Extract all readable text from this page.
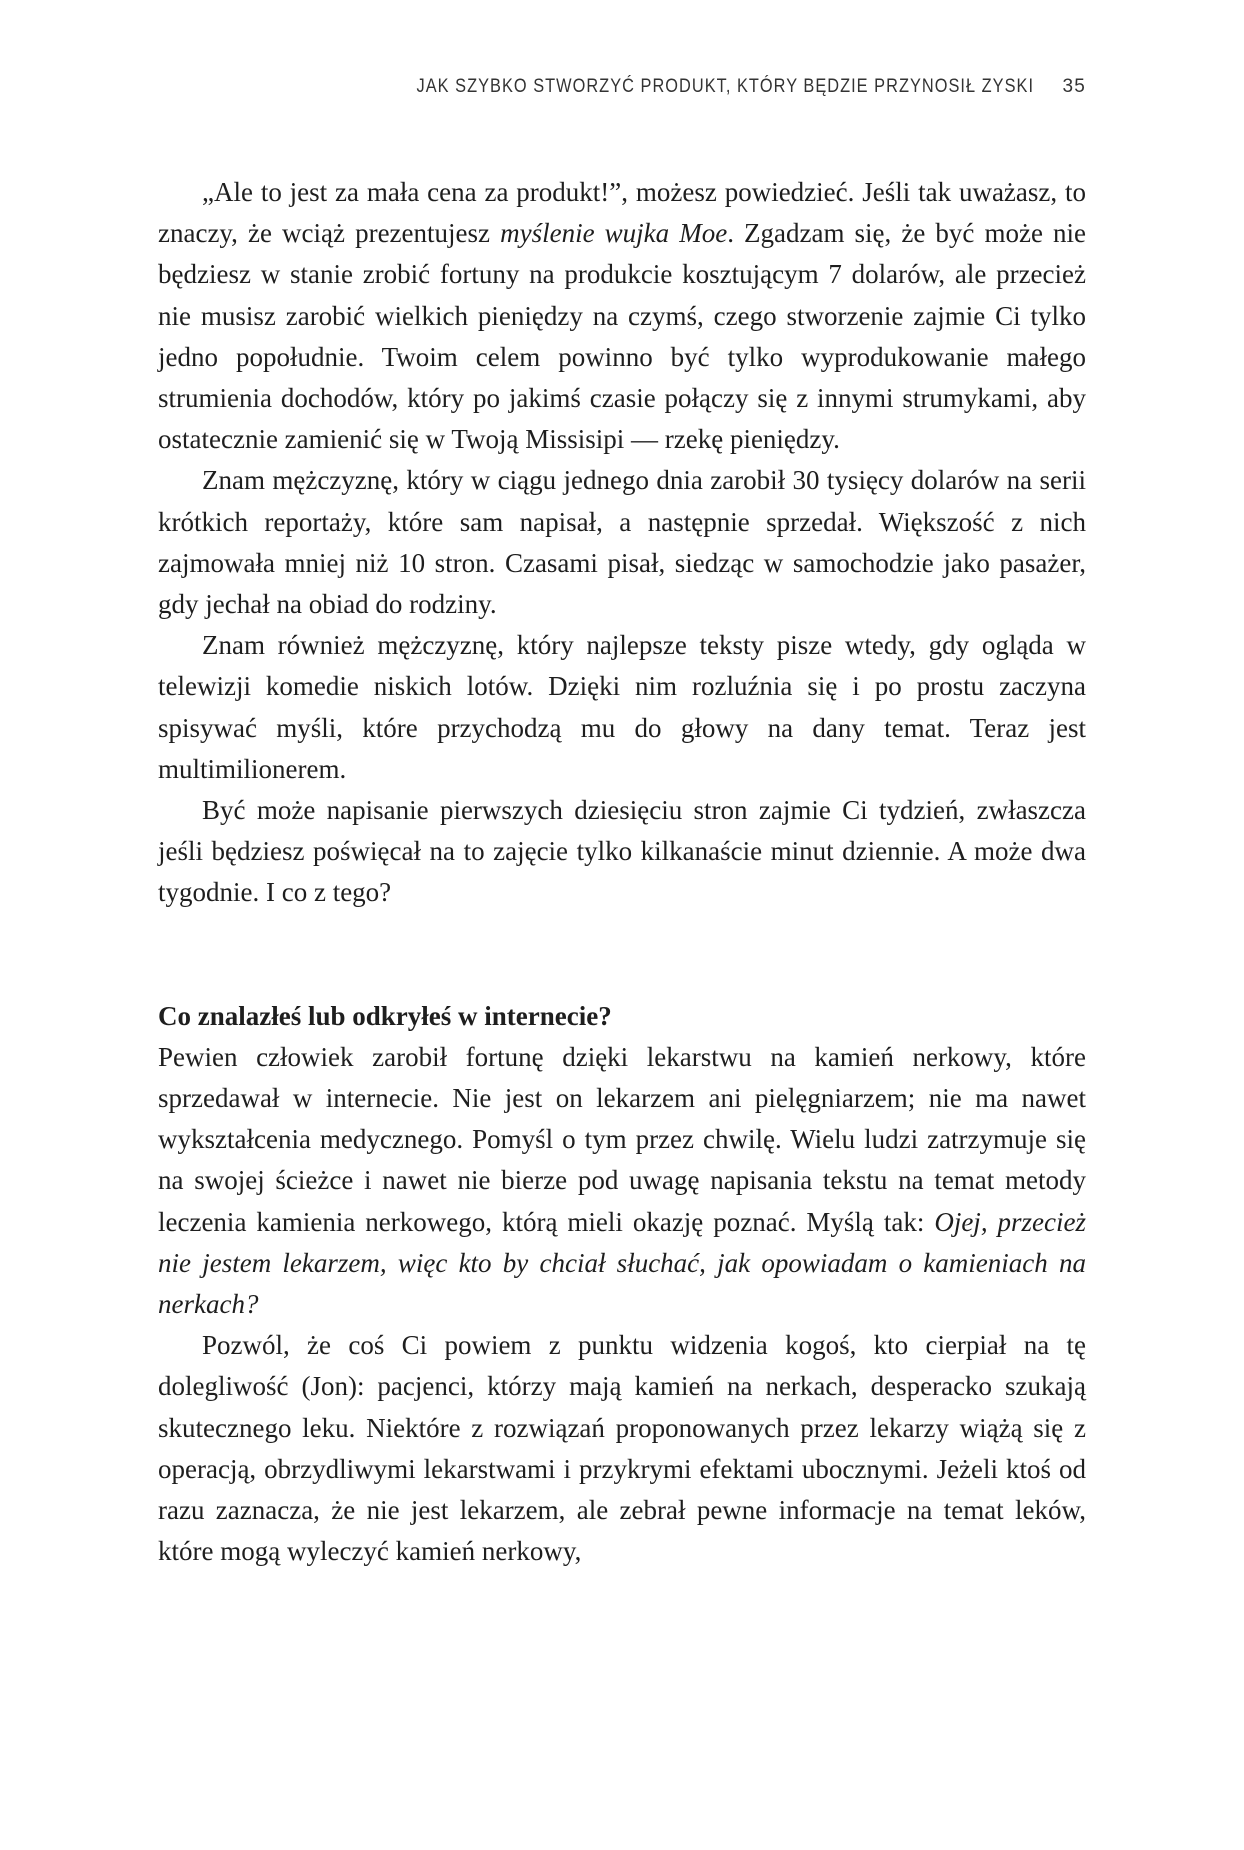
JAK SZYBKO STWORZYĆ PRODUKT, KTÓRY BĘDZIE PRZYNOSIŁ ZYSKI 35

„Ale to jest za mała cena za produkt!”, możesz powiedzieć. Jeśli tak uważasz, to znaczy, że wciąż prezentujesz myślenie wujka Moe. Zgadzam się, że być może nie będziesz w stanie zrobić fortuny na produkcie kosztującym 7 dolarów, ale przecież nie musisz zarobić wielkich pieniędzy na czymś, czego stworzenie zajmie Ci tylko jedno popołudnie. Twoim celem powinno być tylko wyprodukowanie małego strumienia dochodów, który po jakimś czasie połączy się z innymi strumykami, aby ostatecznie zamienić się w Twoją Missisipi — rzekę pieniędzy.

Znam mężczyznę, który w ciągu jednego dnia zarobił 30 tysięcy dolarów na serii krótkich reportaży, które sam napisał, a następnie sprzedał. Większość z nich zajmowała mniej niż 10 stron. Czasami pisał, siedząc w samochodzie jako pasażer, gdy jechał na obiad do rodziny.

Znam również mężczyznę, który najlepsze teksty pisze wtedy, gdy ogląda w telewizji komedie niskich lotów. Dzięki nim rozluźnia się i po prostu zaczyna spisywać myśli, które przychodzą mu do głowy na dany temat. Teraz jest multimilionerem.

Być może napisanie pierwszych dziesięciu stron zajmie Ci tydzień, zwłaszcza jeśli będziesz poświęcał na to zajęcie tylko kilkanaście minut dziennie. A może dwa tygodnie. I co z tego?

Co znalazłeś lub odkryłeś w internecie?

Pewien człowiek zarobił fortunę dzięki lekarstwu na kamień nerkowy, które sprzedawał w internecie. Nie jest on lekarzem ani pielęgniarzem; nie ma nawet wykształcenia medycznego. Pomyśl o tym przez chwilę. Wielu ludzi zatrzymuje się na swojej ścieżce i nawet nie bierze pod uwagę napisania tekstu na temat metody leczenia kamienia nerkowego, którą mieli okazję poznać. Myślą tak: Ojej, przecież nie jestem lekarzem, więc kto by chciał słuchać, jak opowiadam o kamieniach na nerkach?

Pozwól, że coś Ci powiem z punktu widzenia kogoś, kto cierpiał na tę dolegliwość (Jon): pacjenci, którzy mają kamień na nerkach, desperacko szukają skutecznego leku. Niektóre z rozwiązań proponowanych przez lekarzy wiążą się z operacją, obrzydliwymi lekarstwami i przykrymi efektami ubocznymi. Jeżeli ktoś od razu zaznacza, że nie jest lekarzem, ale zebrał pewne informacje na temat leków, które mogą wyleczyć kamień nerkowy,
